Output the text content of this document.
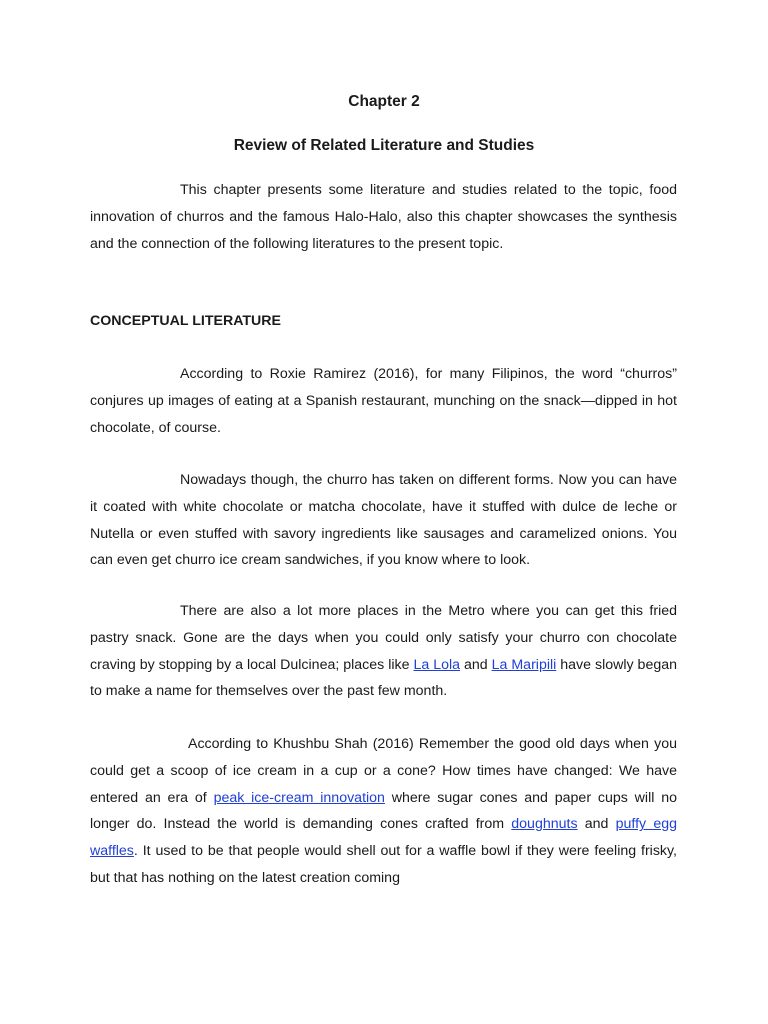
Chapter 2
Review of Related Literature and Studies

This chapter presents some literature and studies related to the topic, food innovation of churros and the famous Halo-Halo, also this chapter showcases the synthesis and the connection of the following literatures to the present topic.

CONCEPTUAL LITERATURE

According to Roxie Ramirez (2016), for many Filipinos, the word “churros” conjures up images of eating at a Spanish restaurant, munching on the snack—dipped in hot chocolate, of course.

Nowadays though, the churro has taken on different forms. Now you can have it coated with white chocolate or matcha chocolate, have it stuffed with dulce de leche or Nutella or even stuffed with savory ingredients like sausages and caramelized onions. You can even get churro ice cream sandwiches, if you know where to look.

There are also a lot more places in the Metro where you can get this fried pastry snack. Gone are the days when you could only satisfy your churro con chocolate craving by stopping by a local Dulcinea; places like La Lola and La Maripili have slowly began to make a name for themselves over the past few month.

According to Khushbu Shah (2016) Remember the good old days when you could get a scoop of ice cream in a cup or a cone? How times have changed: We have entered an era of peak ice-cream innovation where sugar cones and paper cups will no longer do. Instead the world is demanding cones crafted from doughnuts and puffy egg waffles. It used to be that people would shell out for a waffle bowl if they were feeling frisky, but that has nothing on the latest creation coming
